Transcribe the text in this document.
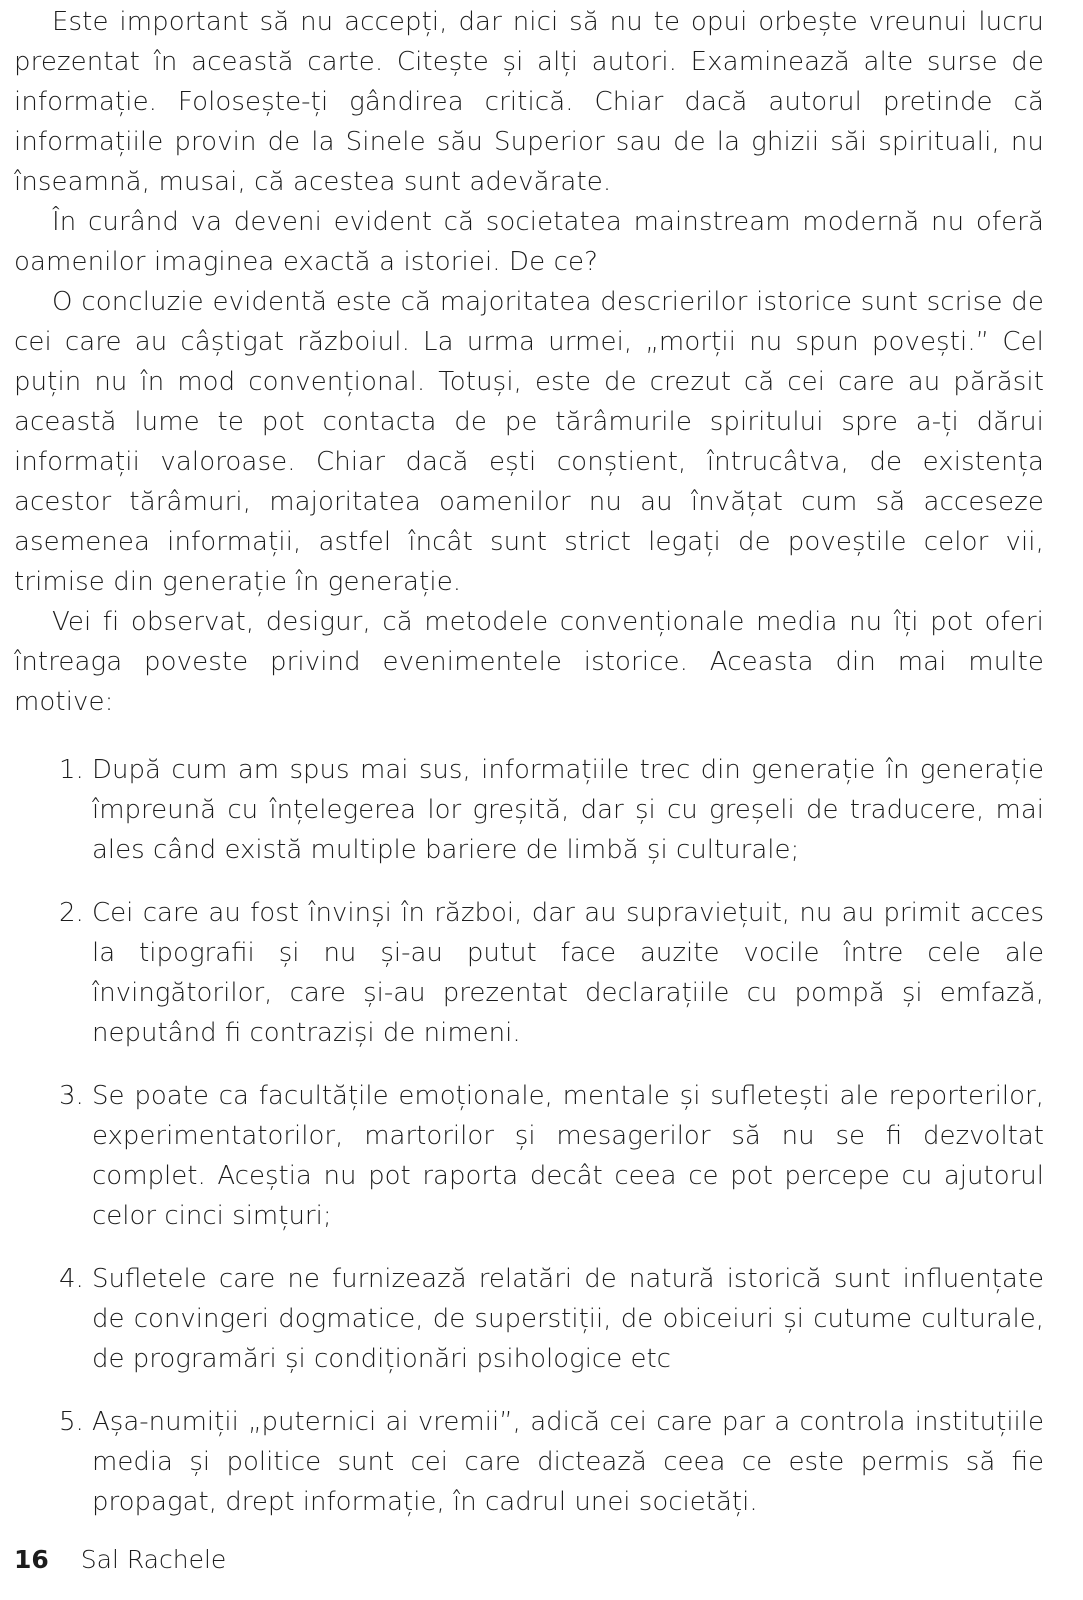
Este important să nu accepți, dar nici să nu te opui orbește vreunui lucru prezentat în această carte. Citește și alți autori. Examinează alte surse de informație. Folosește-ți gândirea critică. Chiar dacă autorul pretinde că informațiile provin de la Sinele său Superior sau de la ghizii săi spirituali, nu înseamnă, musai, că acestea sunt adevărate.

În curând va deveni evident că societatea mainstream modernă nu oferă oamenilor imaginea exactă a istoriei. De ce?

O concluzie evidentă este că majoritatea descrierilor istorice sunt scrise de cei care au câștigat războiul. La urma urmei, „morții nu spun povești.” Cel puțin nu în mod convențional. Totuși, este de crezut că cei care au părăsit această lume te pot contacta de pe tărâmurile spiritului spre a-ți dărui informații valoroase. Chiar dacă ești conștient, întrucâtva, de existența acestor tărâmuri, majoritatea oamenilor nu au învățat cum să acceseze asemenea informații, astfel încât sunt strict legați de poveștile celor vii, trimise din generație în generație.

Vei fi observat, desigur, că metodele convenționale media nu îți pot oferi întreaga poveste privind evenimentele istorice. Aceasta din mai multe motive:

1. După cum am spus mai sus, informațiile trec din generație în generație împreună cu înțelegerea lor greșită, dar și cu greșeli de traducere, mai ales când există multiple bariere de limbă și culturale;

2. Cei care au fost învinși în război, dar au supraviețuit, nu au primit acces la tipografii și nu și-au putut face auzite vocile între cele ale învingătorilor, care și-au prezentat declarațiile cu pompă și emfază, neputând fi contraziși de nimeni.

3. Se poate ca facultățile emoționale, mentale și sufletești ale reporterilor, experimentatorilor, martorilor și mesagerilor să nu se fi dezvoltat complet. Aceștia nu pot raporta decât ceea ce pot percepe cu ajutorul celor cinci simțuri;

4. Sufletele care ne furnizează relatări de natură istorică sunt influențate de convingeri dogmatice, de superstiții, de obiceiuri și cutume culturale, de programări și condiționări psihologice etc

5. Așa-numiții „puternici ai vremii”, adică cei care par a controla instituțiile media și politice sunt cei care dictează ceea ce este permis să fie propagat, drept informație, în cadrul unei societăți.

16 Sal Rachele
